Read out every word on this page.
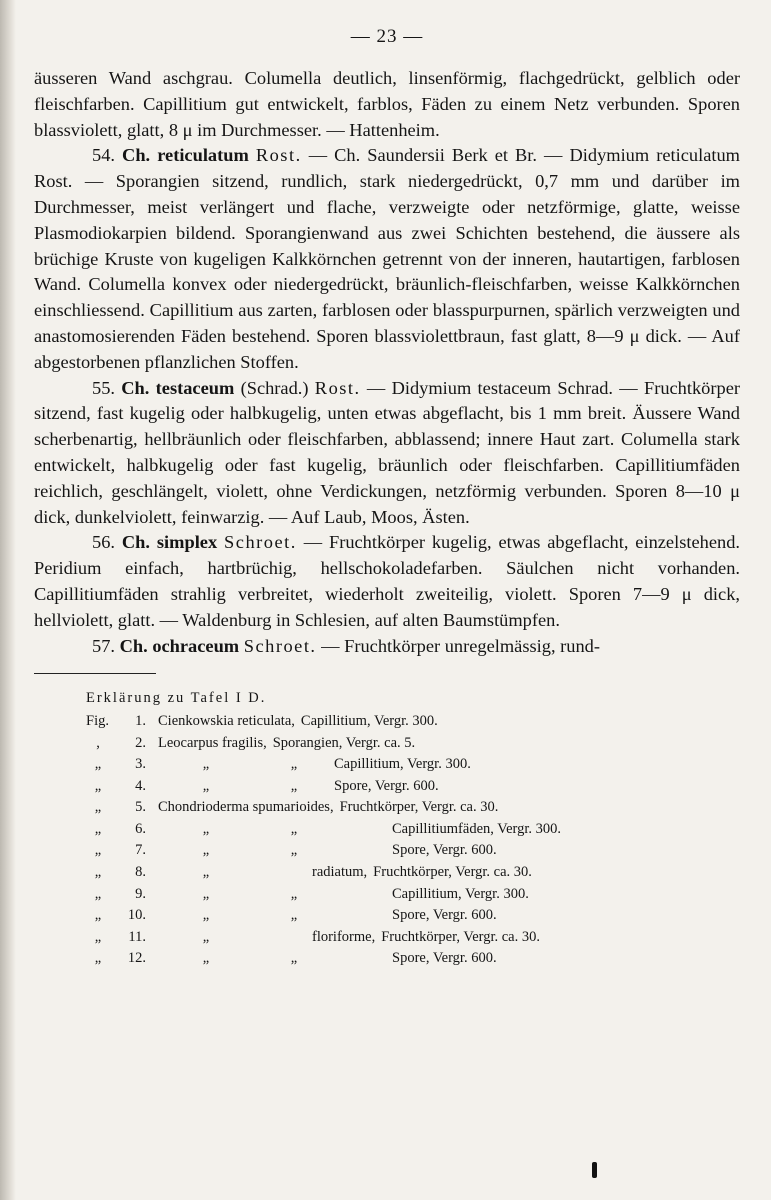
— 23 —

äusseren Wand aschgrau. Columella deutlich, linsenförmig, flachgedrückt, gelblich oder fleischfarben. Capillitium gut entwickelt, farblos, Fäden zu einem Netz verbunden. Sporen blassviolett, glatt, 8 μ im Durchmesser. — Hattenheim.

54. Ch. reticulatum Rost. — Ch. Saundersii Berk et Br. — Didymium reticulatum Rost. — Sporangien sitzend, rundlich, stark niedergedrückt, 0,7 mm und darüber im Durchmesser, meist verlängert und flache, verzweigte oder netzförmige, glatte, weisse Plasmodiokarpien bildend. Sporangienwand aus zwei Schichten bestehend, die äussere als brüchige Kruste von kugeligen Kalkkörnchen getrennt von der inneren, hautartigen, farblosen Wand. Columella konvex oder niedergedrückt, bräunlich-fleischfarben, weisse Kalkkörnchen einschliessend. Capillitium aus zarten, farblosen oder blasspurpurnen, spärlich verzweigten und anastomosierenden Fäden bestehend. Sporen blassviolettbraun, fast glatt, 8—9 μ dick. — Auf abgestorbenen pflanzlichen Stoffen.

55. Ch. testaceum (Schrad.) Rost. — Didymium testaceum Schrad. — Fruchtkörper sitzend, fast kugelig oder halbkugelig, unten etwas abgeflacht, bis 1 mm breit. Äussere Wand scherbenartig, hellbräunlich oder fleischfarben, abblassend; innere Haut zart. Columella stark entwickelt, halbkugelig oder fast kugelig, bräunlich oder fleischfarben. Capillitiumfäden reichlich, geschlängelt, violett, ohne Verdickungen, netzförmig verbunden. Sporen 8—10 μ dick, dunkelviolett, feinwarzig. — Auf Laub, Moos, Ästen.

56. Ch. simplex Schroet. — Fruchtkörper kugelig, etwas abgeflacht, einzelstehend. Peridium einfach, hartbrüchig, hellschokoladefarben. Säulchen nicht vorhanden. Capillitiumfäden strahlig verbreitet, wiederholt zweiteilig, violett. Sporen 7—9 μ dick, hellviolett, glatt. — Waldenburg in Schlesien, auf alten Baumstümpfen.

57. Ch. ochraceum Schroet. — Fruchtkörper unregelmässig, rund-

Erklärung zu Tafel I D.
Fig.	1. Cienkowskia reticulata, Capillitium, Vergr. 300.
,	2. Leocarpus fragilis, Sporangien, Vergr. ca. 5.
„	3.	„	„	Capillitium, Vergr. 300.
„	4.	„	„	Spore, Vergr. 600.
„	5. Chondrioderma spumarioides, Fruchtkörper, Vergr. ca. 30.
„	6.	„	„	Capillitiumfäden, Vergr. 300.
„	7.	„	„	Spore, Vergr. 600.
„	8.	„	radiatum, Fruchtkörper, Vergr. ca. 30.
„	9.	„	„	Capillitium, Vergr. 300.
„	10.	„	„	Spore, Vergr. 600.
„	11.	„	floriforme, Fruchtkörper, Vergr. ca. 30.
„	12.	„	„	Spore, Vergr. 600.
